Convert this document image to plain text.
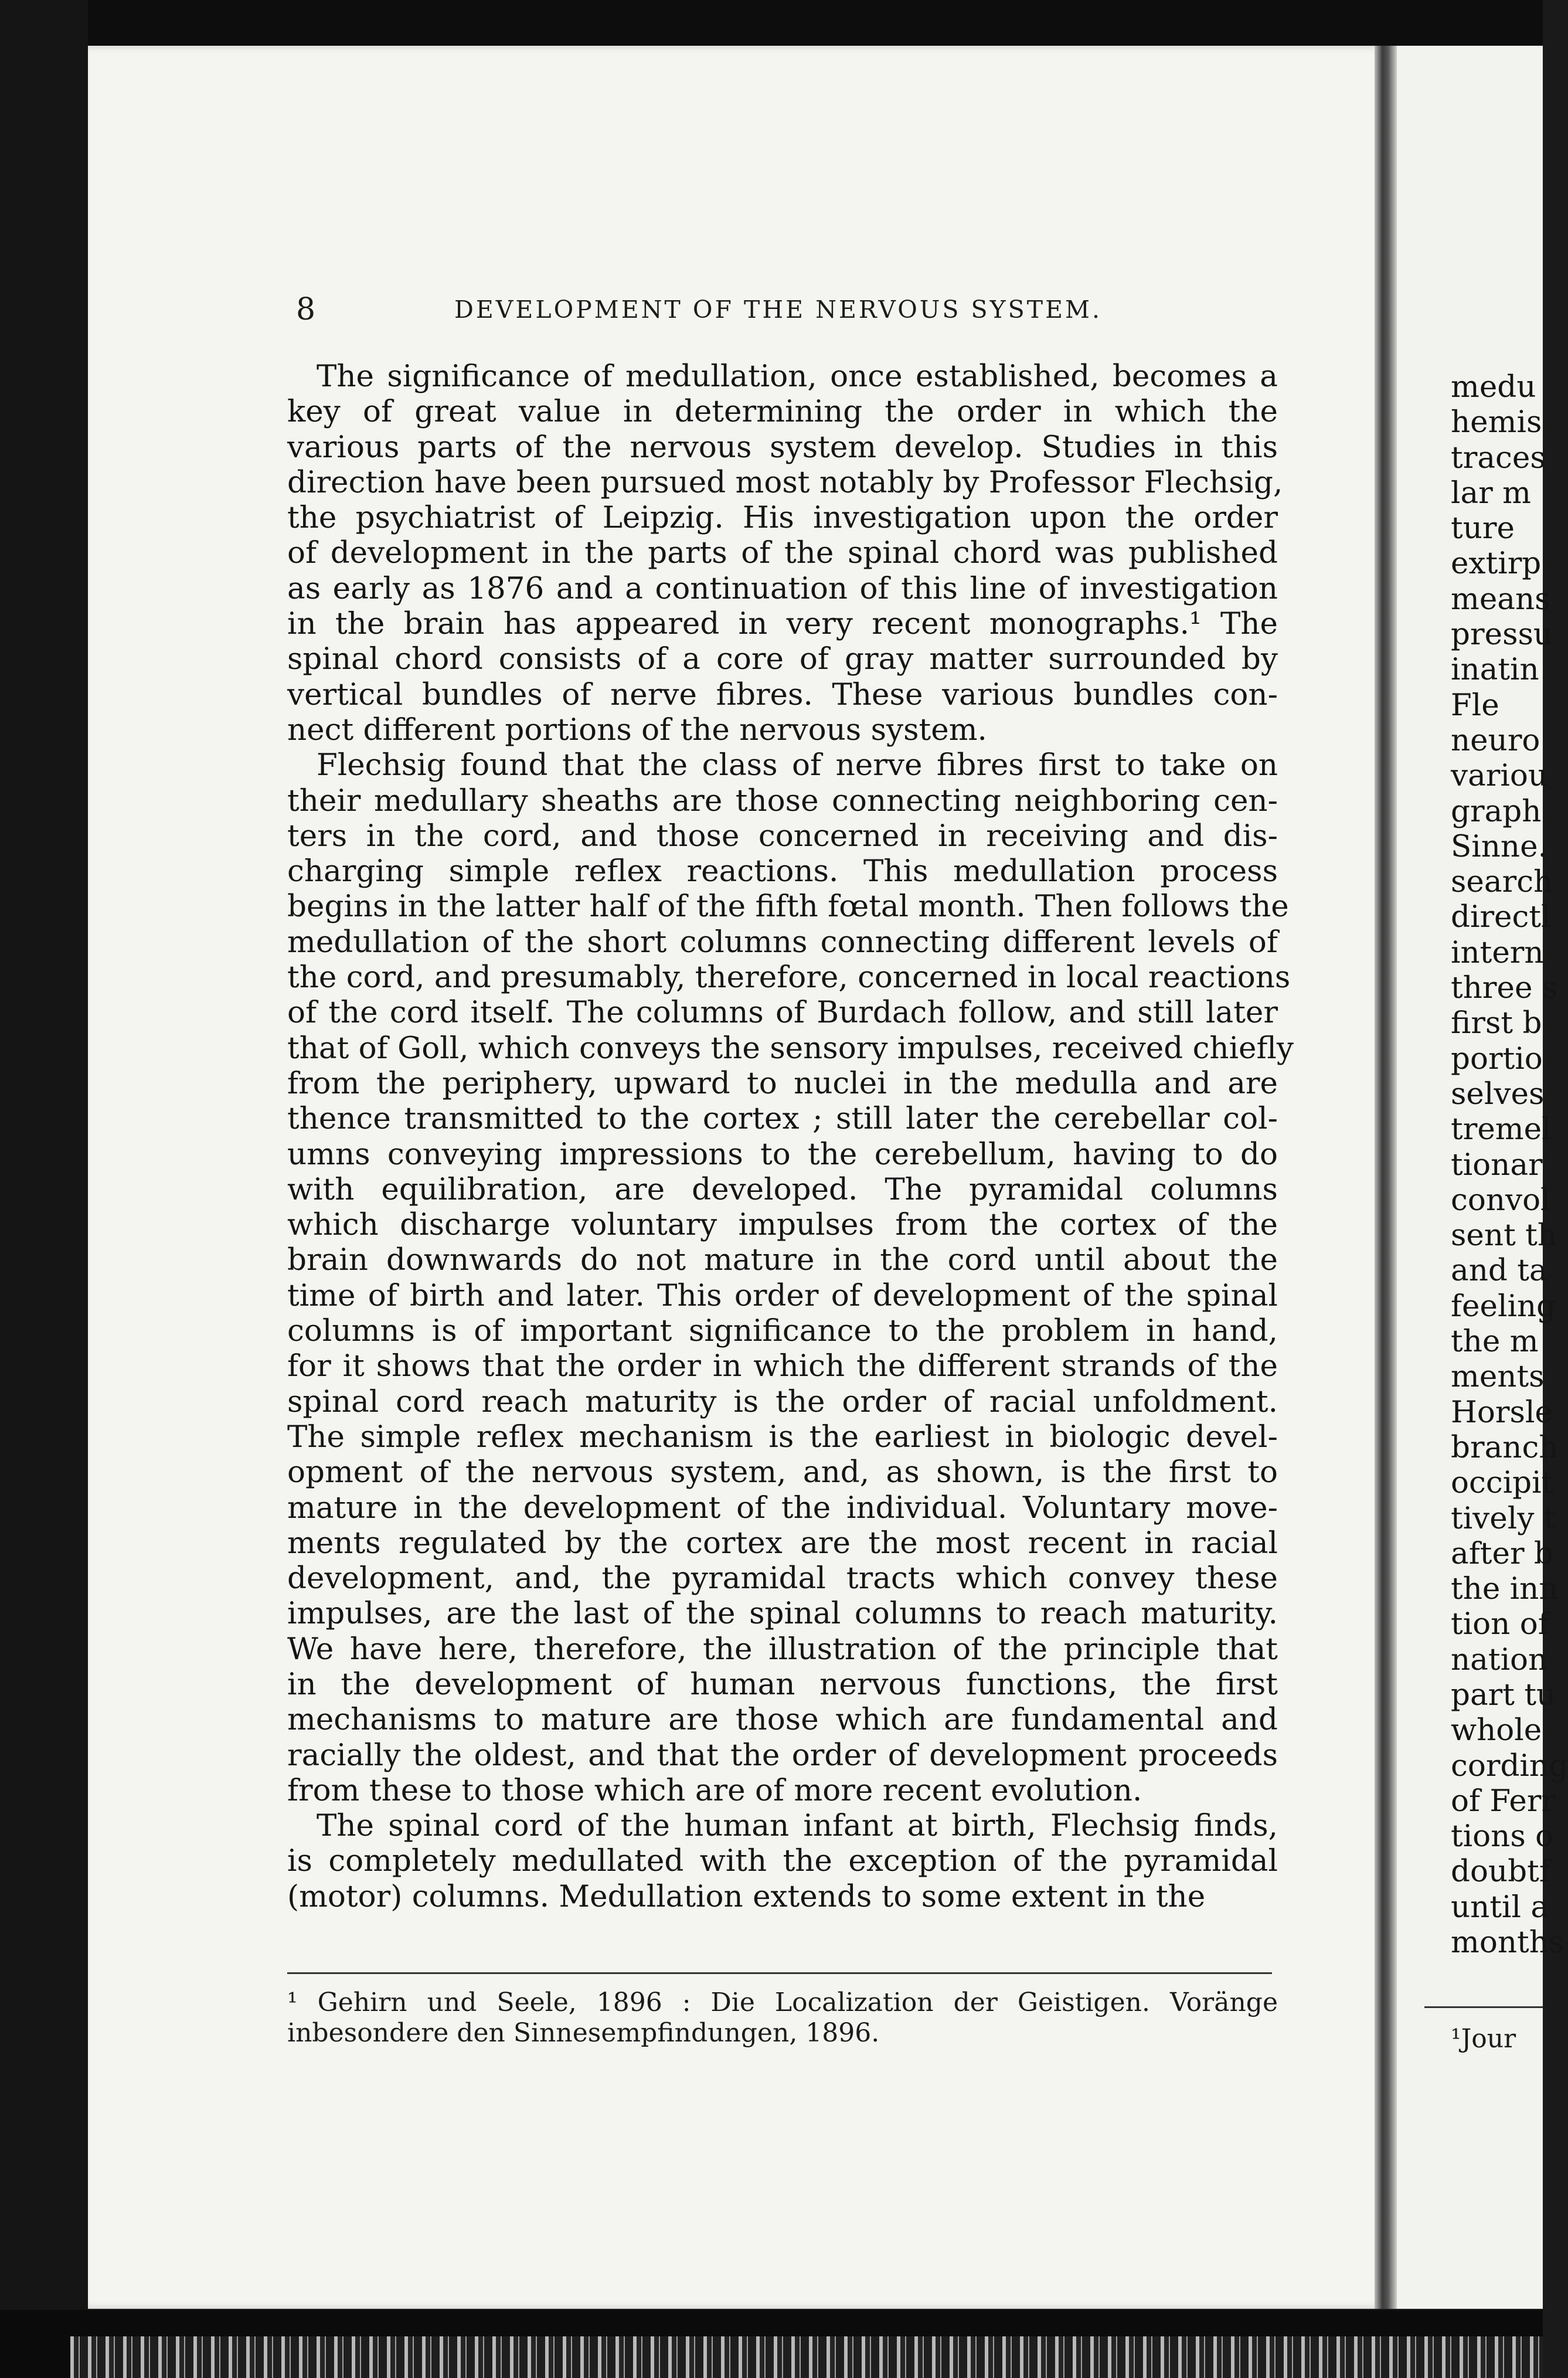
8	DEVELOPMENT OF THE NERVOUS SYSTEM.
The significance of medullation, once established, becomes a
key of great value in determining the order in which the
various parts of the nervous system develop. Studies in this
direction have been pursued most notably by Professor Flechsig,
the psychiatrist of Leipzig. His investigation upon the order
of development in the parts of the spinal chord was published
as early as 1876 and a continuation of this line of investigation
in the brain has appeared in very recent monographs.¹ The
spinal chord consists of a core of gray matter surrounded by
vertical bundles of nerve fibres. These various bundles con-
nect different portions of the nervous system.
Flechsig found that the class of nerve fibres first to take on
their medullary sheaths are those connecting neighboring cen-
ters in the cord, and those concerned in receiving and dis-
charging simple reflex reactions. This medullation process
begins in the latter half of the fifth fœtal month. Then follows the
medullation of the short columns connecting different levels of
the cord, and presumably, therefore, concerned in local reactions
of the cord itself. The columns of Burdach follow, and still later
that of Goll, which conveys the sensory impulses, received chiefly
from the periphery, upward to nuclei in the medulla and are
thence transmitted to the cortex ; still later the cerebellar col-
umns conveying impressions to the cerebellum, having to do
with equilibration, are developed. The pyramidal columns
which discharge voluntary impulses from the cortex of the
brain downwards do not mature in the cord until about the
time of birth and later. This order of development of the spinal
columns is of important significance to the problem in hand,
for it shows that the order in which the different strands of the
spinal cord reach maturity is the order of racial unfoldment.
The simple reflex mechanism is the earliest in biologic devel-
opment of the nervous system, and, as shown, is the first to
mature in the development of the individual. Voluntary move-
ments regulated by the cortex are the most recent in racial
development, and, the pyramidal tracts which convey these
impulses, are the last of the spinal columns to reach maturity.
We have here, therefore, the illustration of the principle that
in the development of human nervous functions, the first
mechanisms to mature are those which are fundamental and
racially the oldest, and that the order of development proceeds
from these to those which are of more recent evolution.
The spinal cord of the human infant at birth, Flechsig finds,
is completely medullated with the exception of the pyramidal
(motor) columns. Medullation extends to some extent in the
¹ Gehirn und Seele, 1896 : Die Localization der Geistigen. Voränge
inbesondere den Sinnesempfindungen, 1896.
medu
hemis
traces
lar m
ture
extirp
means
pressu
inatin
Fle
neuro
variou
graph
Sinne.
search
directl
intern
three s
first b
portio
selves
tremel
tionar
convol
sent th
and ta
feeling
the m
ments
Horsle
branch
occipit
tively t
after b
the inn
tion of
nation
part tu
whole
cording
of Ferr
tions o
doubtf
until a
months
¹Jour
